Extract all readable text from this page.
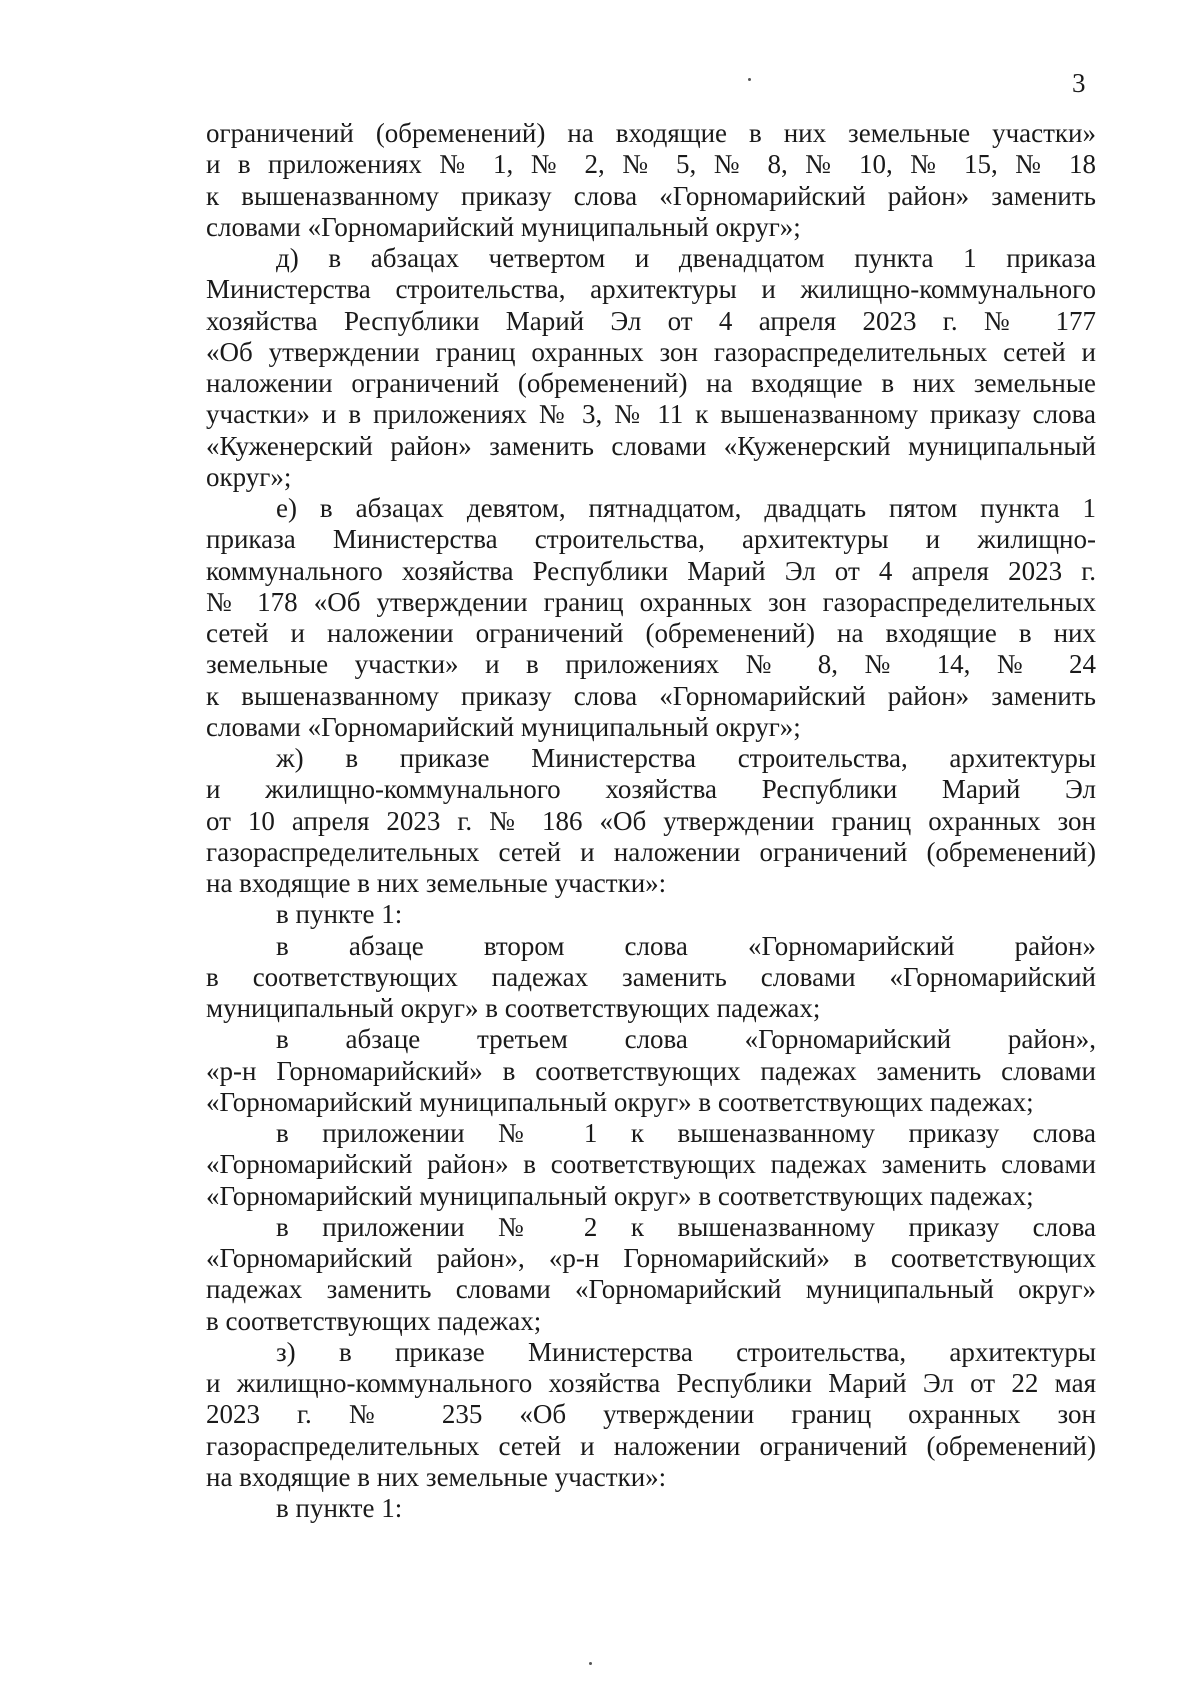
3
ограничений (обременений) на входящие в них земельные участки»
и в приложениях № 1, № 2, № 5, № 8, № 10, № 15, № 18
к вышеназванному приказу слова «Горномарийский район» заменить
словами «Горномарийский муниципальный округ»;
д) в абзацах четвертом и двенадцатом пункта 1 приказа
Министерства строительства, архитектуры и жилищно-коммунального
хозяйства Республики Марий Эл от 4 апреля 2023 г. № 177
«Об утверждении границ охранных зон газораспределительных сетей и
наложении ограничений (обременений) на входящие в них земельные
участки» и в приложениях № 3, № 11 к вышеназванному приказу слова
«Куженерский район» заменить словами «Куженерский муниципальный
округ»;
е) в абзацах девятом, пятнадцатом, двадцать пятом пункта 1
приказа Министерства строительства, архитектуры и жилищно-
коммунального хозяйства Республики Марий Эл от 4 апреля 2023 г.
№ 178 «Об утверждении границ охранных зон газораспределительных
сетей и наложении ограничений (обременений) на входящие в них
земельные участки» и в приложениях № 8, № 14, № 24
к вышеназванному приказу слова «Горномарийский район» заменить
словами «Горномарийский муниципальный округ»;
ж) в приказе Министерства строительства, архитектуры
и жилищно-коммунального хозяйства Республики Марий Эл
от 10 апреля 2023 г. № 186 «Об утверждении границ охранных зон
газораспределительных сетей и наложении ограничений (обременений)
на входящие в них земельные участки»:
в пункте 1:
в абзаце втором слова «Горномарийский район»
в соответствующих падежах заменить словами «Горномарийский
муниципальный округ» в соответствующих падежах;
в абзаце третьем слова «Горномарийский район»,
«р-н Горномарийский» в соответствующих падежах заменить словами
«Горномарийский муниципальный округ» в соответствующих падежах;
в приложении № 1 к вышеназванному приказу слова
«Горномарийский район» в соответствующих падежах заменить словами
«Горномарийский муниципальный округ» в соответствующих падежах;
в приложении № 2 к вышеназванному приказу слова
«Горномарийский район», «р-н Горномарийский» в соответствующих
падежах заменить словами «Горномарийский муниципальный округ»
в соответствующих падежах;
з) в приказе Министерства строительства, архитектуры
и жилищно-коммунального хозяйства Республики Марий Эл от 22 мая
2023 г. № 235 «Об утверждении границ охранных зон
газораспределительных сетей и наложении ограничений (обременений)
на входящие в них земельные участки»:
в пункте 1:
